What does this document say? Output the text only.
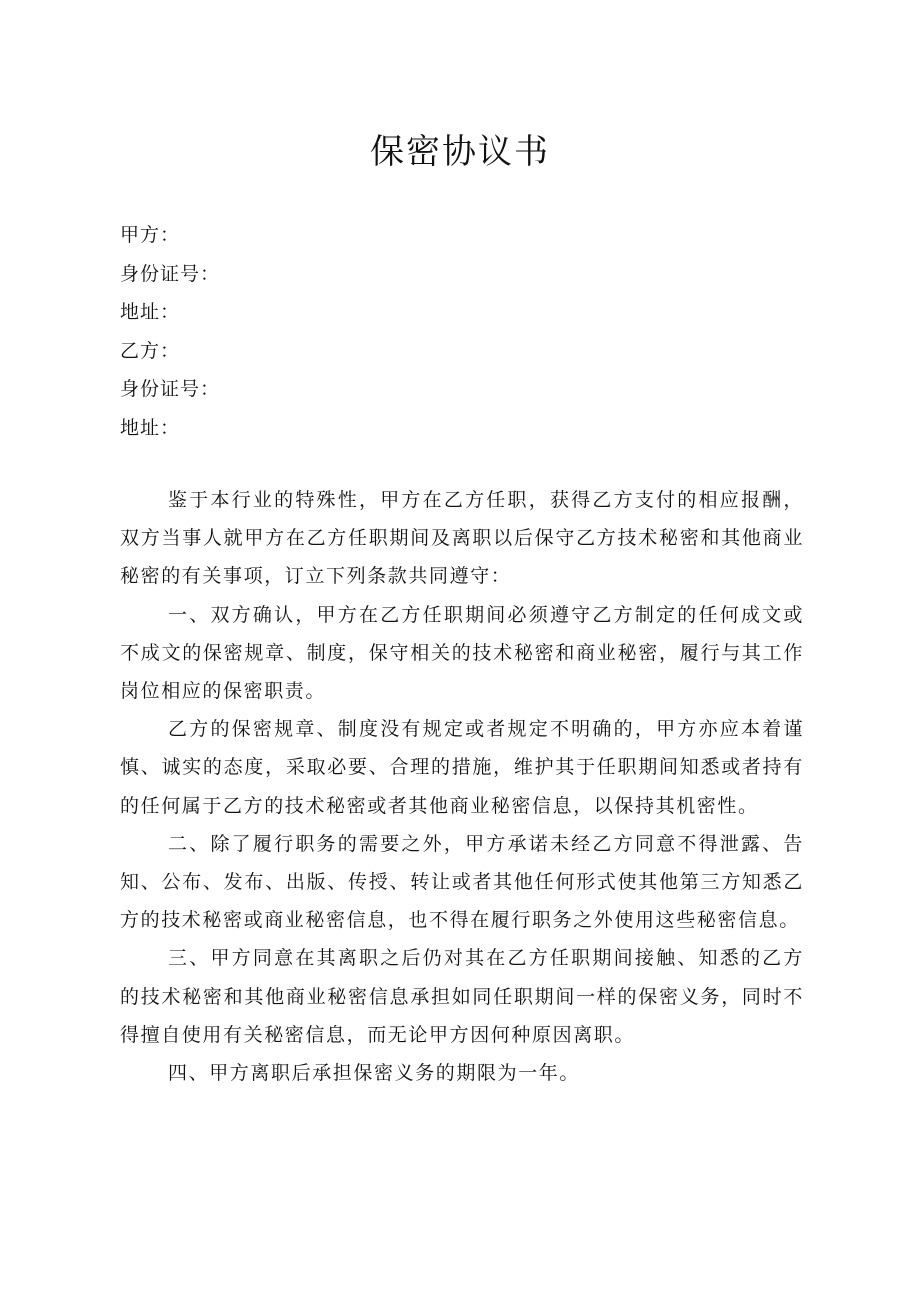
保密协议书
甲方：
身份证号：
地址：
乙方：
身份证号：
地址：

鉴于本行业的特殊性，甲方在乙方任职，获得乙方支付的相应报酬，双方当事人就甲方在乙方任职期间及离职以后保守乙方技术秘密和其他商业秘密的有关事项，订立下列条款共同遵守：

一、双方确认，甲方在乙方任职期间必须遵守乙方制定的任何成文或不成文的保密规章、制度，保守相关的技术秘密和商业秘密，履行与其工作岗位相应的保密职责。

乙方的保密规章、制度没有规定或者规定不明确的，甲方亦应本着谨慎、诚实的态度，采取必要、合理的措施，维护其于任职期间知悉或者持有的任何属于乙方的技术秘密或者其他商业秘密信息，以保持其机密性。

二、除了履行职务的需要之外，甲方承诺未经乙方同意不得泄露、告知、公布、发布、出版、传授、转让或者其他任何形式使其他第三方知悉乙方的技术秘密或商业秘密信息，也不得在履行职务之外使用这些秘密信息。

三、甲方同意在其离职之后仍对其在乙方任职期间接触、知悉的乙方的技术秘密和其他商业秘密信息承担如同任职期间一样的保密义务，同时不得擅自使用有关秘密信息，而无论甲方因何种原因离职。

四、甲方离职后承担保密义务的期限为一年。
